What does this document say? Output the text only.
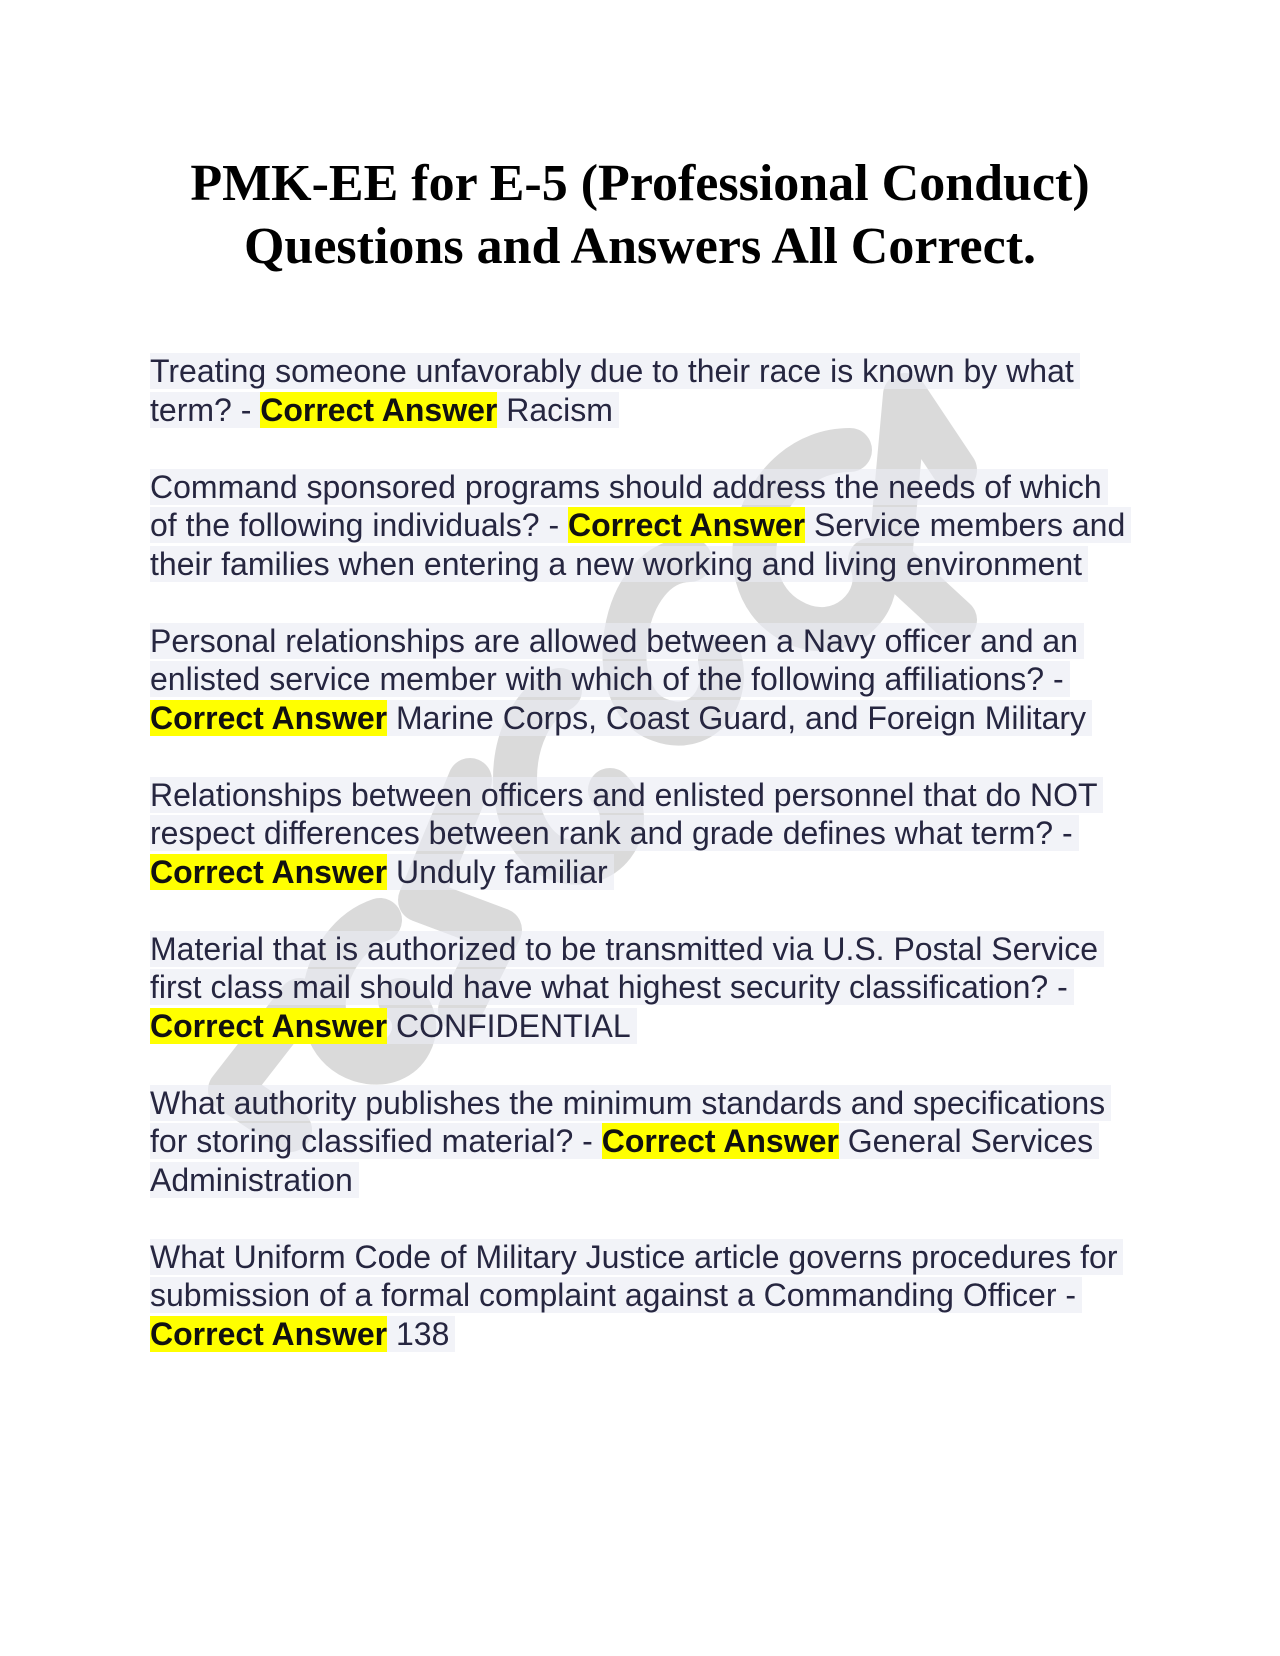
PMK-EE for E-5 (Professional Conduct)
Questions and Answers All Correct.

Treating someone unfavorably due to their race is known by what term? - Correct Answer Racism

Command sponsored programs should address the needs of which of the following individuals? - Correct Answer Service members and their families when entering a new working and living environment

Personal relationships are allowed between a Navy officer and an enlisted service member with which of the following affiliations? - Correct Answer Marine Corps, Coast Guard, and Foreign Military

Relationships between officers and enlisted personnel that do NOT respect differences between rank and grade defines what term? - Correct Answer Unduly familiar

Material that is authorized to be transmitted via U.S. Postal Service first class mail should have what highest security classification? - Correct Answer CONFIDENTIAL

What authority publishes the minimum standards and specifications for storing classified material? - Correct Answer General Services Administration

What Uniform Code of Military Justice article governs procedures for submission of a formal complaint against a Commanding Officer - Correct Answer 138
